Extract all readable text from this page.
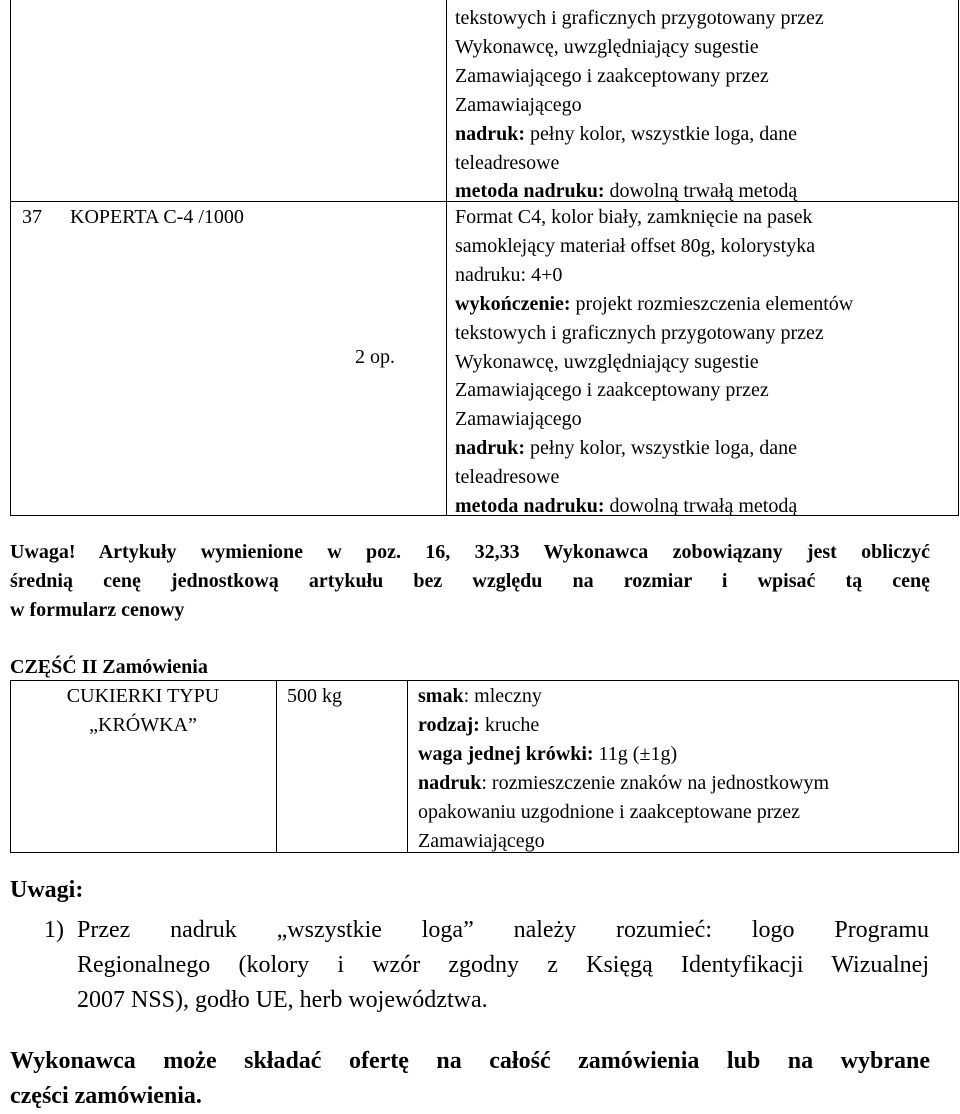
tekstowych i graficznych przygotowany przez
Wykonawcę, uwzględniający sugestie
Zamawiającego i zaakceptowany przez
Zamawiającego
nadruk: pełny kolor, wszystkie loga, dane
teleadresowe
metoda nadruku: dowolną trwałą metodą
37 KOPERTA C-4 /1000
2 op.
Format C4, kolor biały, zamknięcie na pasek
samoklejący materiał offset 80g, kolorystyka
nadruku: 4+0
wykończenie: projekt rozmieszczenia elementów
tekstowych i graficznych przygotowany przez
Wykonawcę, uwzględniający sugestie
Zamawiającego i zaakceptowany przez
Zamawiającego
nadruk: pełny kolor, wszystkie loga, dane
teleadresowe
metoda nadruku: dowolną trwałą metodą
Uwaga! Artykuły wymienione w poz. 16, 32,33 Wykonawca zobowiązany jest obliczyć
średnią cenę jednostkową artykułu bez względu na rozmiar i wpisać tą cenę
w formularz cenowy
CZĘŚĆ II Zamówienia
CUKIERKI TYPU
„KRÓWKA”
500 kg	smak: mleczny
rodzaj: kruche
waga jednej krówki: 11g (±1g)
nadruk: rozmieszczenie znaków na jednostkowym
opakowaniu uzgodnione i zaakceptowane przez
Zamawiającego
Uwagi:
1) Przez nadruk „wszystkie loga” należy rozumieć: logo Programu
Regionalnego (kolory i wzór zgodny z Księgą Identyfikacji Wizualnej
2007 NSS), godło UE, herb województwa.
Wykonawca może składać ofertę na całość zamówienia lub na wybrane
części zamówienia.
